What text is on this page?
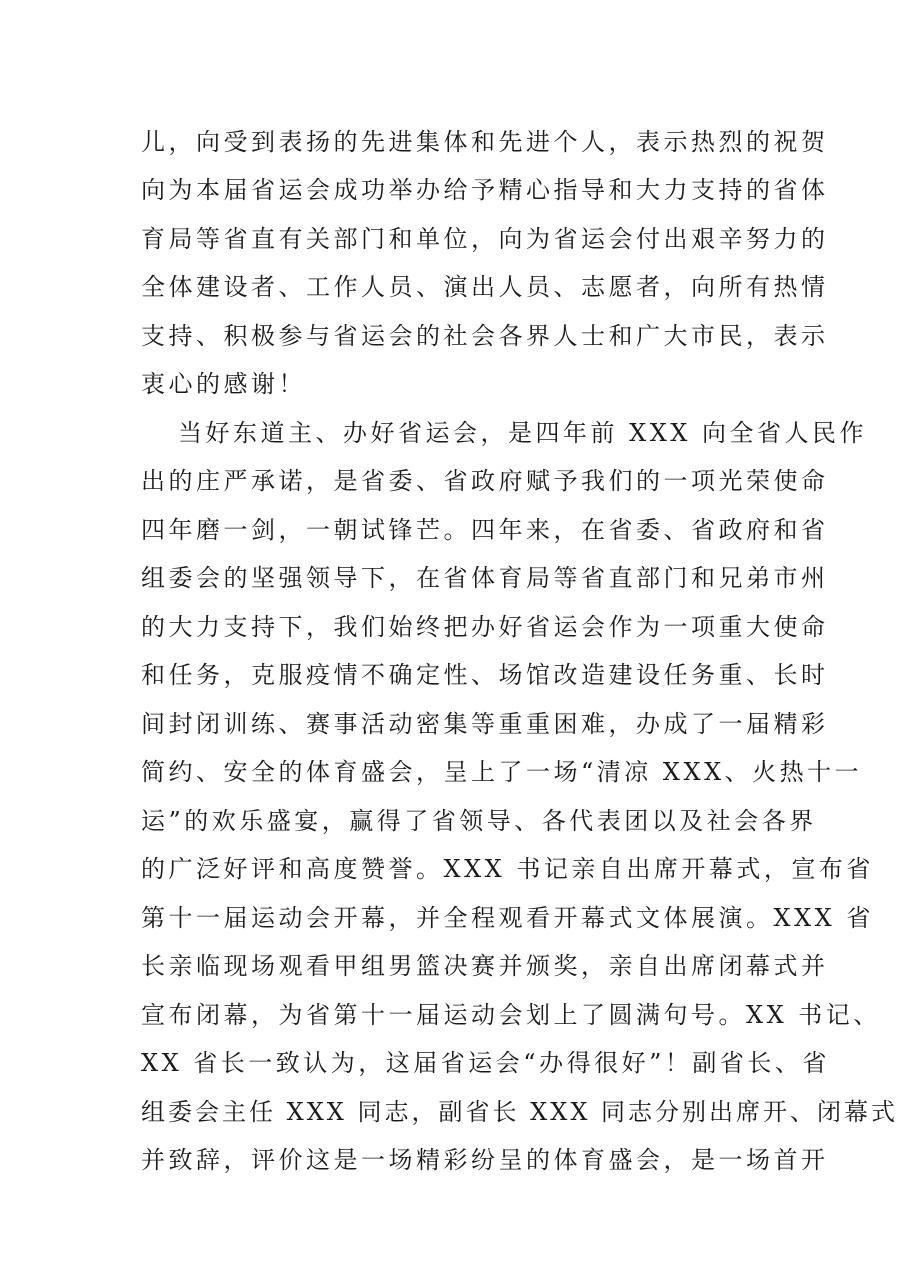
儿，向受到表扬的先进集体和先进个人，表示热烈的祝贺
向为本届省运会成功举办给予精心指导和大力支持的省体
育局等省直有关部门和单位，向为省运会付出艰辛努力的
全体建设者、工作人员、演出人员、志愿者，向所有热情
支持、积极参与省运会的社会各界人士和广大市民，表示
衷心的感谢！
当好东道主、办好省运会，是四年前 XXX 向全省人民作
出的庄严承诺，是省委、省政府赋予我们的一项光荣使命
四年磨一剑，一朝试锋芒。四年来，在省委、省政府和省
组委会的坚强领导下，在省体育局等省直部门和兄弟市州
的大力支持下，我们始终把办好省运会作为一项重大使命
和任务，克服疫情不确定性、场馆改造建设任务重、长时
间封闭训练、赛事活动密集等重重困难，办成了一届精彩
简约、安全的体育盛会，呈上了一场“清凉 XXX、火热十一
运”的欢乐盛宴，赢得了省领导、各代表团以及社会各界
的广泛好评和高度赞誉。XXX 书记亲自出席开幕式，宣布省
第十一届运动会开幕，并全程观看开幕式文体展演。XXX 省
长亲临现场观看甲组男篮决赛并颁奖，亲自出席闭幕式并
宣布闭幕，为省第十一届运动会划上了圆满句号。XX 书记、
XX 省长一致认为，这届省运会“办得很好”！副省长、省
组委会主任 XXX 同志，副省长 XXX 同志分别出席开、闭幕式
并致辞，评价这是一场精彩纷呈的体育盛会，是一场首开
